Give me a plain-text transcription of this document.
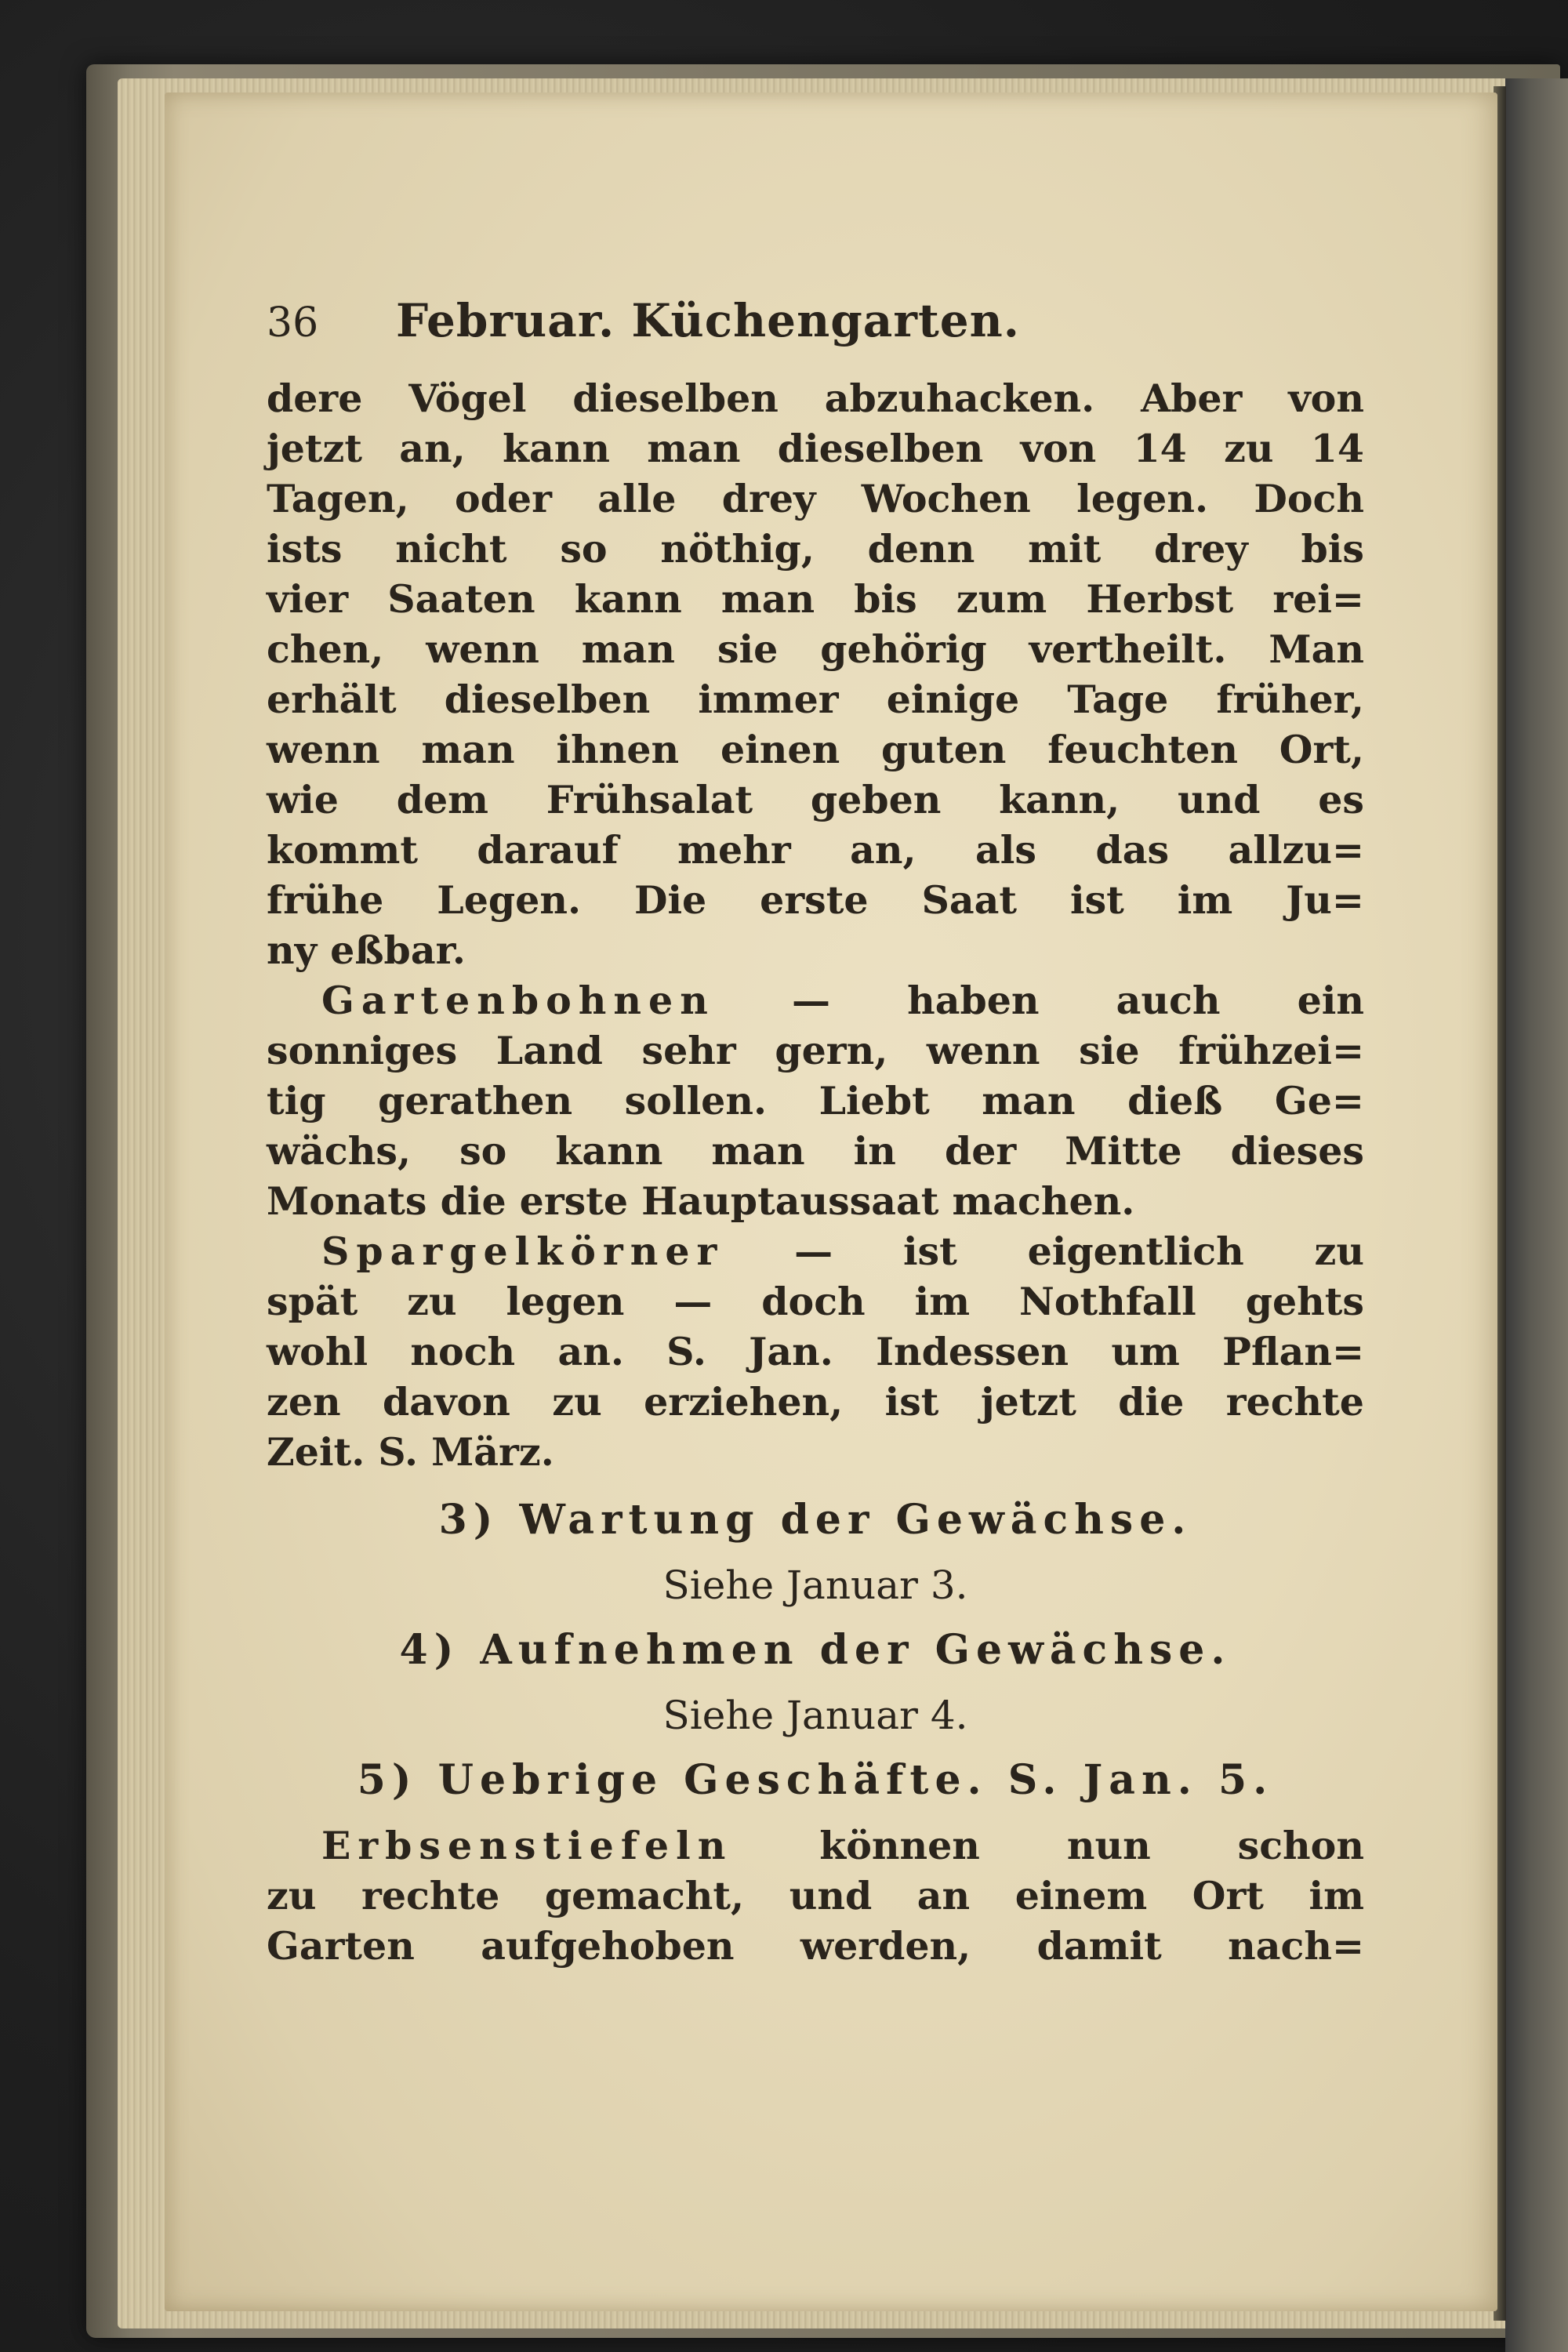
36	Februar. Küchengarten.
dere Vögel dieselben abzuhacken. Aber von
jetzt an, kann man dieselben von 14 zu 14
Tagen, oder alle drey Wochen legen. Doch
ists nicht so nöthig, denn mit drey bis
vier Saaten kann man bis zum Herbst rei=
chen, wenn man sie gehörig vertheilt. Man
erhält dieselben immer einige Tage früher,
wenn man ihnen einen guten feuchten Ort,
wie dem Frühsalat geben kann, und es
kommt darauf mehr an, als das allzu=
frühe Legen. Die erste Saat ist im Ju=
ny eßbar.
Gartenbohnen — haben auch ein
sonniges Land sehr gern, wenn sie frühzei=
tig gerathen sollen. Liebt man dieß Ge=
wächs, so kann man in der Mitte dieses
Monats die erste Hauptaussaat machen.
Spargelkörner — ist eigentlich zu
spät zu legen — doch im Nothfall gehts
wohl noch an. S. Jan. Indessen um Pflan=
zen davon zu erziehen, ist jetzt die rechte
Zeit. S. März.
3) Wartung der Gewächse.
Siehe Januar 3.
4) Aufnehmen der Gewächse.
Siehe Januar 4.
5) Uebrige Geschäfte. S. Jan. 5.
Erbsenstiefeln können nun schon
zu rechte gemacht, und an einem Ort im
Garten aufgehoben werden, damit nach=
